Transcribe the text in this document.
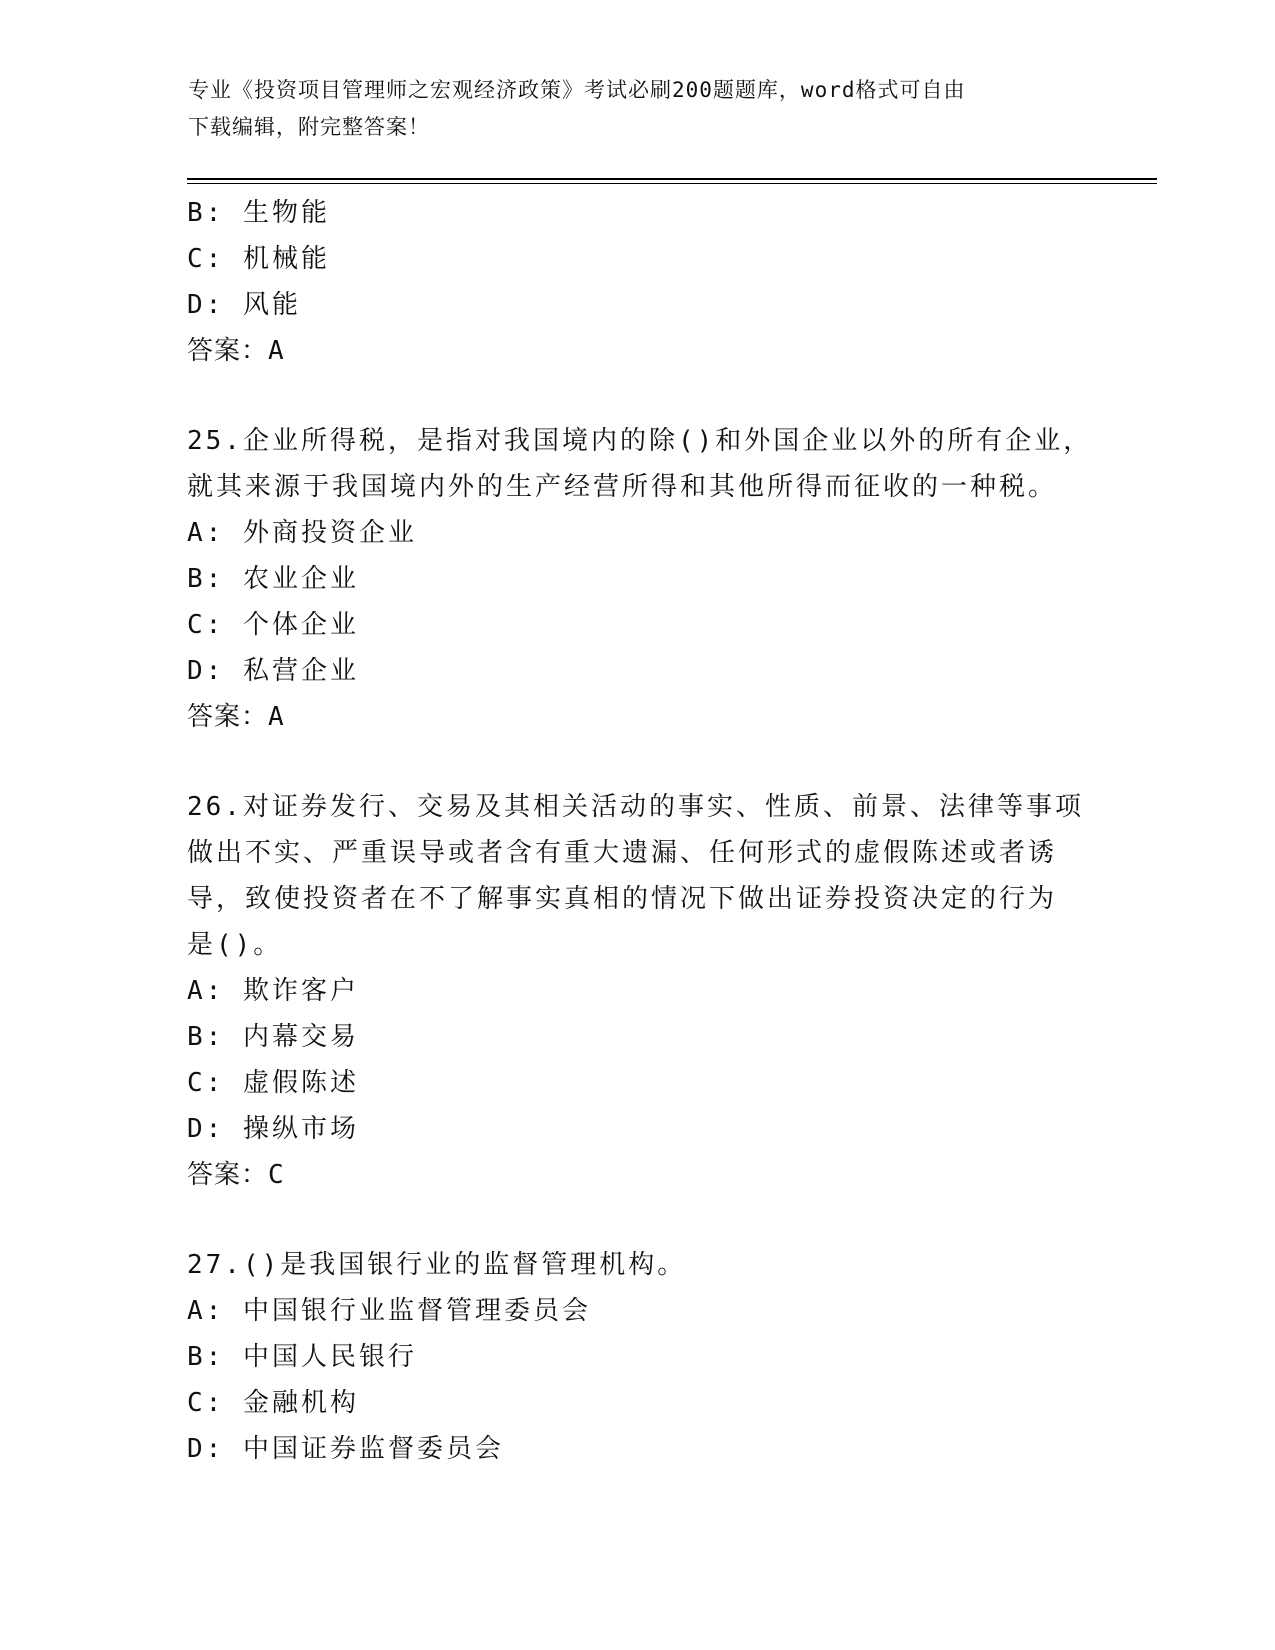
专业《投资项目管理师之宏观经济政策》考试必刷200题题库，word格式可自由
下载编辑，附完整答案！
B: 生物能
C: 机械能
D: 风能
答案：A
25.企业所得税，是指对我国境内的除()和外国企业以外的所有企业，
就其来源于我国境内外的生产经营所得和其他所得而征收的一种税。
A: 外商投资企业
B: 农业企业
C: 个体企业
D: 私营企业
答案：A
26.对证券发行、交易及其相关活动的事实、性质、前景、法律等事项
做出不实、严重误导或者含有重大遗漏、任何形式的虚假陈述或者诱
导，致使投资者在不了解事实真相的情况下做出证券投资决定的行为
是()。
A: 欺诈客户
B: 内幕交易
C: 虚假陈述
D: 操纵市场
答案：C
27.()是我国银行业的监督管理机构。
A: 中国银行业监督管理委员会
B: 中国人民银行
C: 金融机构
D: 中国证券监督委员会
